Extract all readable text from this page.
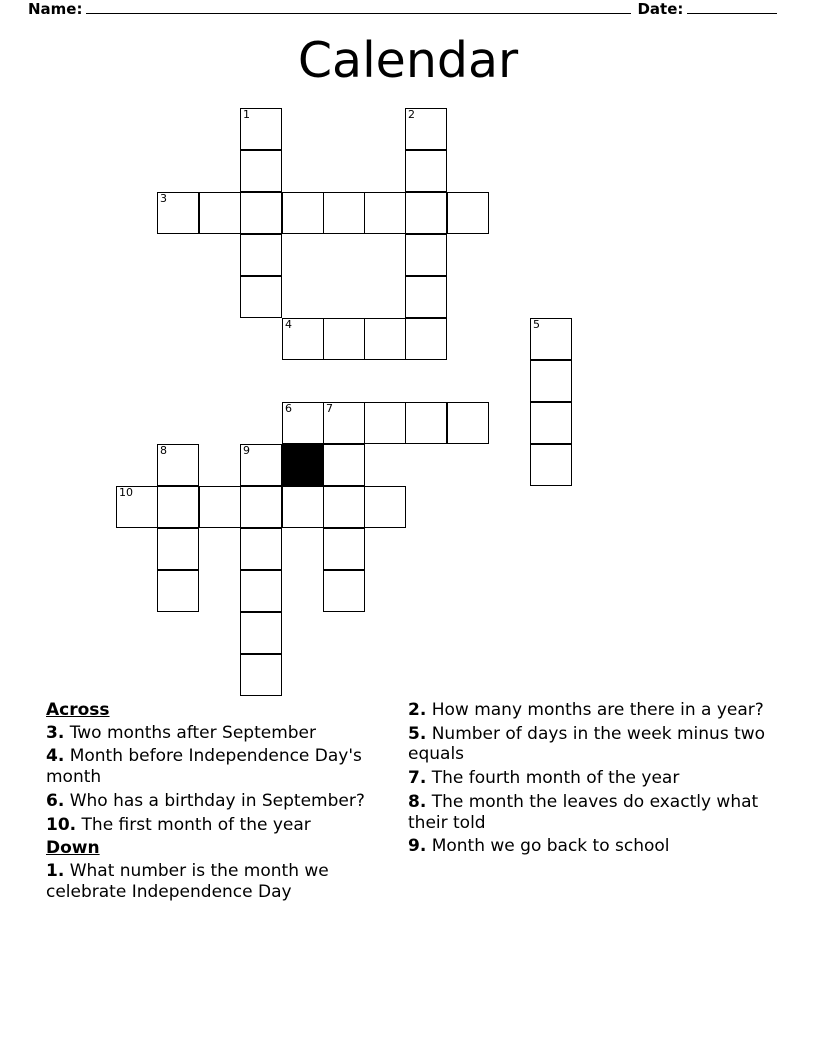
Name:	Date:
Calendar
1	2
3
4	5
6	7
8	9
10
Across
3. Two months after September
4. Month before Independence Day's month
6. Who has a birthday in September?
10. The first month of the year
Down
1. What number is the month we celebrate Independence Day
2. How many months are there in a year?
5. Number of days in the week minus two equals
7. The fourth month of the year
8. The month the leaves do exactly what their told
9. Month we go back to school
